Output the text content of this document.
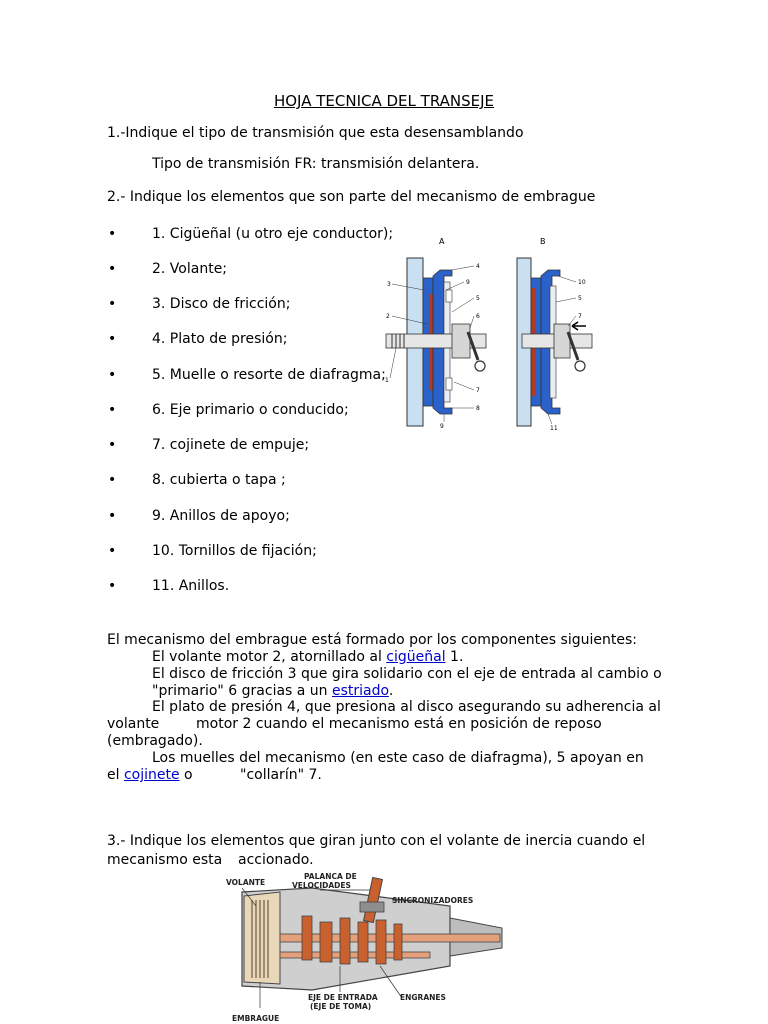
HOJA TECNICA DEL TRANSEJE
1.-Indique el tipo de transmisión que esta desensamblando
Tipo de transmisión FR: transmisión delantera.
2.- Indique los elementos que son parte del mecanismo de embrague
•	1. Cigüeñal (u otro eje conductor);
•	2. Volante;
•	3. Disco de fricción;
•	4. Plato de presión;
•	5. Muelle o resorte de diafragma;
•	6. Eje primario o conducido;
•	7. cojinete de empuje;
•	8. cubierta o tapa ;
•	9. Anillos de apoyo;
•	10. Tornillos de fijación;
•	11. Anillos.
A
4
3	9
5
2	6
1
7
8
9
B
10
5
7
11
El mecanismo del embrague está formado por los componentes siguientes:
El volante motor 2, atornillado al cigüeñal 1.
El disco de fricción 3 que gira solidario con el eje de entrada al cambio o
"primario" 6 gracias a un estriado.
El plato de presión 4, que presiona al disco asegurando su adherencia al
volante	motor 2 cuando el mecanismo está en posición de reposo
(embragado).
Los muelles del mecanismo (en este caso de diafragma), 5 apoyan en
el cojinete o	"collarín" 7.
3.- Indique los elementos que giran junto con el volante de inercia cuando el
mecanismo esta accionado.
VOLANTE
PALANCA DE
VELOCIDADES
SINCRONIZADORES
ENGRANES
EJE DE ENTRADA
(EJE DE TOMA)
EMBRAGUE
